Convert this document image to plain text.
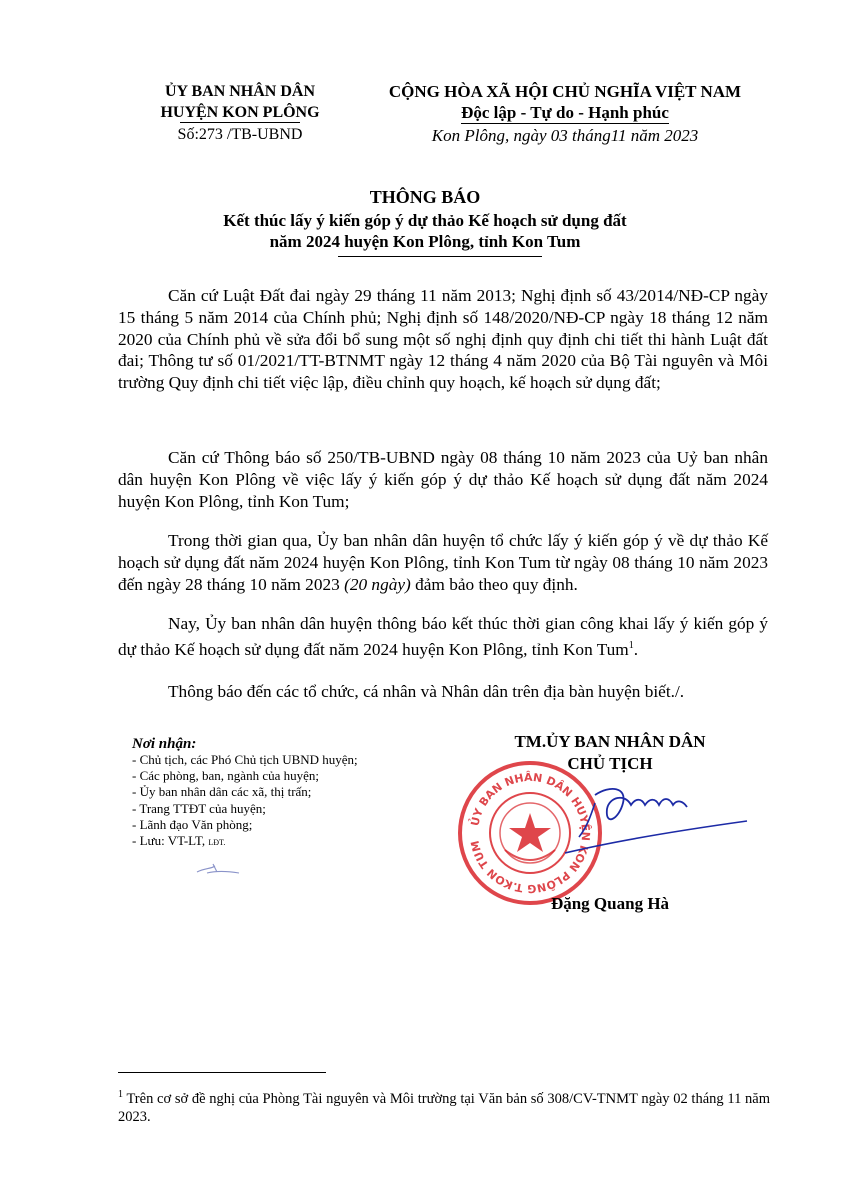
ỦY BAN NHÂN DÂN
HUYỆN KON PLÔNG
Số:273 /TB-UBND
CỘNG HÒA XÃ HỘI CHỦ NGHĨA VIỆT NAM
Độc lập - Tự do - Hạnh phúc
Kon Plông, ngày 03 tháng11 năm 2023
THÔNG BÁO
Kết thúc lấy ý kiến góp ý dự thảo Kế hoạch sử dụng đất
năm 2024 huyện Kon Plông, tỉnh Kon Tum
Căn cứ Luật Đất đai ngày 29 tháng 11 năm 2013; Nghị định số 43/2014/NĐ-CP ngày 15 tháng 5 năm 2014 của Chính phủ; Nghị định số 148/2020/NĐ-CP ngày 18 tháng 12 năm 2020 của Chính phủ về sửa đổi bổ sung một số nghị định quy định chi tiết thi hành Luật đất đai; Thông tư số 01/2021/TT-BTNMT ngày 12 tháng 4 năm 2020 của Bộ Tài nguyên và Môi trường Quy định chi tiết việc lập, điều chỉnh quy hoạch, kế hoạch sử dụng đất;
Căn cứ Thông báo số 250/TB-UBND ngày 08 tháng 10 năm 2023 của Uỷ ban nhân dân huyện Kon Plông về việc lấy ý kiến góp ý dự thảo Kế hoạch sử dụng đất năm 2024 huyện Kon Plông, tỉnh Kon Tum;
Trong thời gian qua, Ủy ban nhân dân huyện tổ chức lấy ý kiến góp ý về dự thảo Kế hoạch sử dụng đất năm 2024 huyện Kon Plông, tỉnh Kon Tum từ ngày 08 tháng 10 năm 2023 đến ngày 28 tháng 10 năm 2023 (20 ngày) đảm bảo theo quy định.
Nay, Ủy ban nhân dân huyện thông báo kết thúc thời gian công khai lấy ý kiến góp ý dự thảo Kế hoạch sử dụng đất năm 2024 huyện Kon Plông, tỉnh Kon Tum$^1$.
Thông báo đến các tổ chức, cá nhân và Nhân dân trên địa bàn huyện biết./.
Nơi nhận:
- Chủ tịch, các Phó Chủ tịch UBND huyện;
- Các phòng, ban, ngành của huyện;
- Ủy ban nhân dân các xã, thị trấn;
- Trang TTĐT của huyện;
- Lãnh đạo Văn phòng;
- Lưu: VT-LT, LĐT.
TM.ỦY BAN NHÂN DÂN
CHỦ TỊCH
ỦY BAN NHÂN DÂN HUYỆN KON PLÔNG T.KON TUM
Đặng Quang Hà
$^1$ Trên cơ sở đề nghị của Phòng Tài nguyên và Môi trường tại Văn bản số 308/CV-TNMT ngày 02 tháng 11 năm 2023.
